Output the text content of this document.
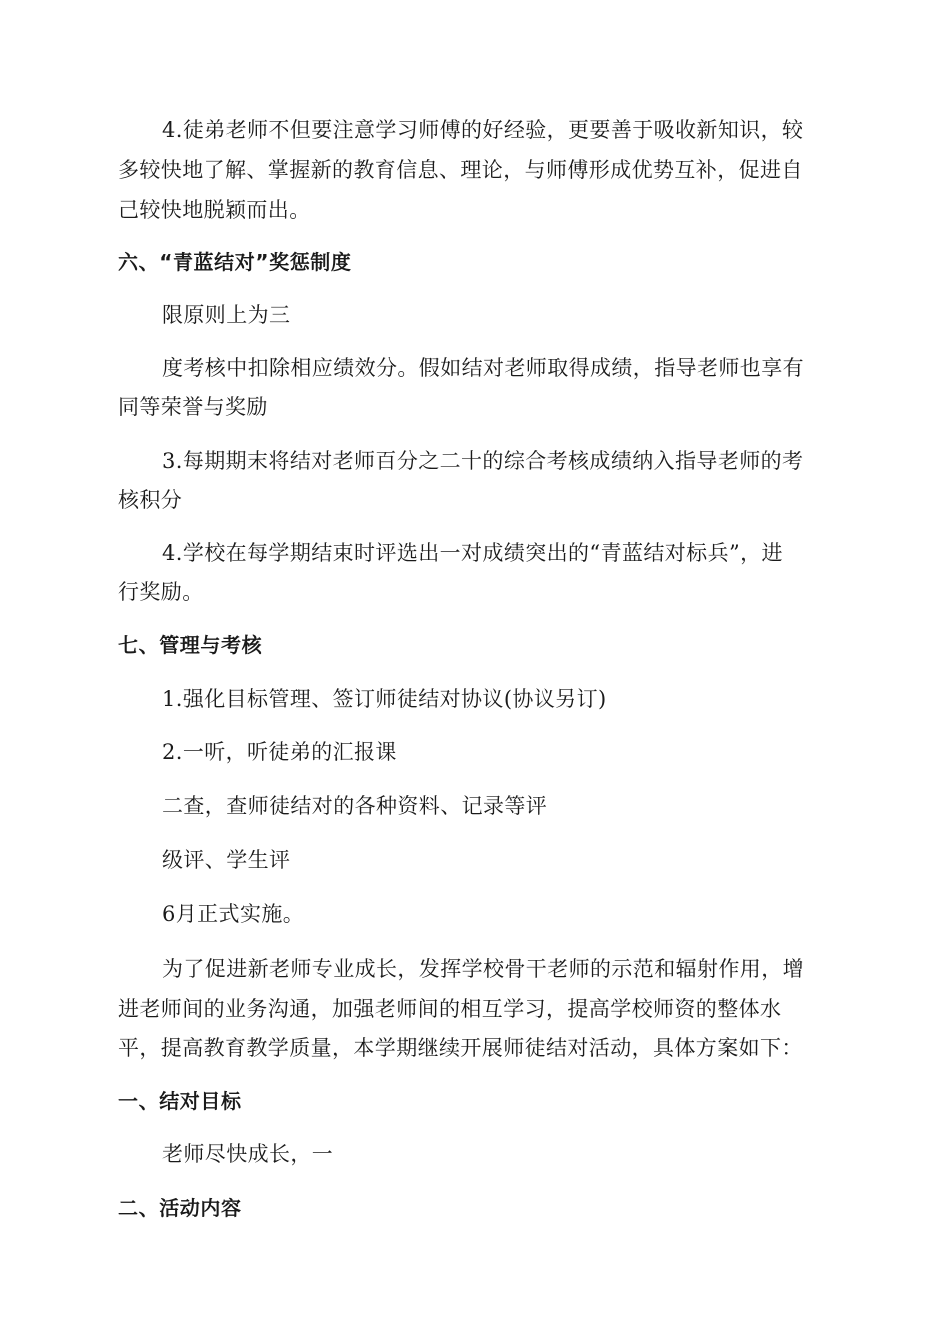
4.徒弟老师不但要注意学习师傅的好经验，更要善于吸收新知识，较
多较快地了解、掌握新的教育信息、理论，与师傅形成优势互补，促进自
己较快地脱颖而出。
六、“青蓝结对”奖惩制度
限原则上为三
度考核中扣除相应绩效分。假如结对老师取得成绩，指导老师也享有
同等荣誉与奖励
3.每期期末将结对老师百分之二十的综合考核成绩纳入指导老师的考
核积分
4.学校在每学期结束时评选出一对成绩突出的“青蓝结对标兵”，进
行奖励。
七、管理与考核
1.强化目标管理、签订师徒结对协议(协议另订)
2.一听，听徒弟的汇报课
二查，查师徒结对的各种资料、记录等评
级评、学生评
6月正式实施。
为了促进新老师专业成长，发挥学校骨干老师的示范和辐射作用，增
进老师间的业务沟通，加强老师间的相互学习，提高学校师资的整体水
平，提高教育教学质量，本学期继续开展师徒结对活动，具体方案如下：
一、结对目标
老师尽快成长，一
二、活动内容
